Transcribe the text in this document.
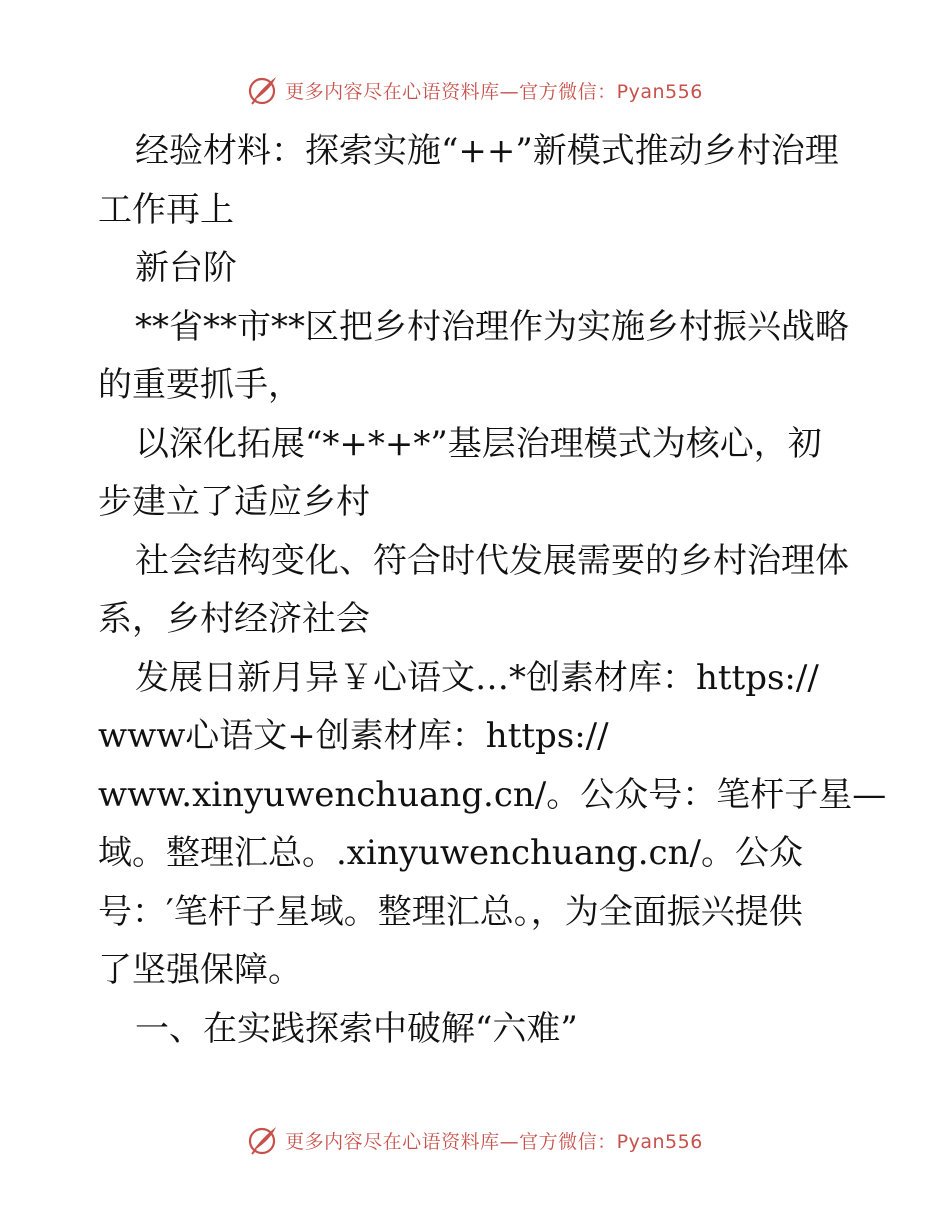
更多内容尽在心语资料库—官方微信：Pyan556
经验材料：探索实施“++”新模式推动乡村治理
工作再上
新台阶
**省**市**区把乡村治理作为实施乡村振兴战略
的重要抓手，
以深化拓展“*+*+*”基层治理模式为核心，初
步建立了适应乡村
社会结构变化、符合时代发展需要的乡村治理体
系，乡村经济社会
发展日新月异￥心语文…*创素材库：https://
www心语文+创素材库：https://
www.xinyuwenchuang.cn/。公众号：笔杆子星—
域。整理汇总。.xinyuwenchuang.cn/。公众
号：′笔杆子星域。整理汇总。，为全面振兴提供
了坚强保障。
一、在实践探索中破解“六难”
更多内容尽在心语资料库—官方微信：Pyan556
